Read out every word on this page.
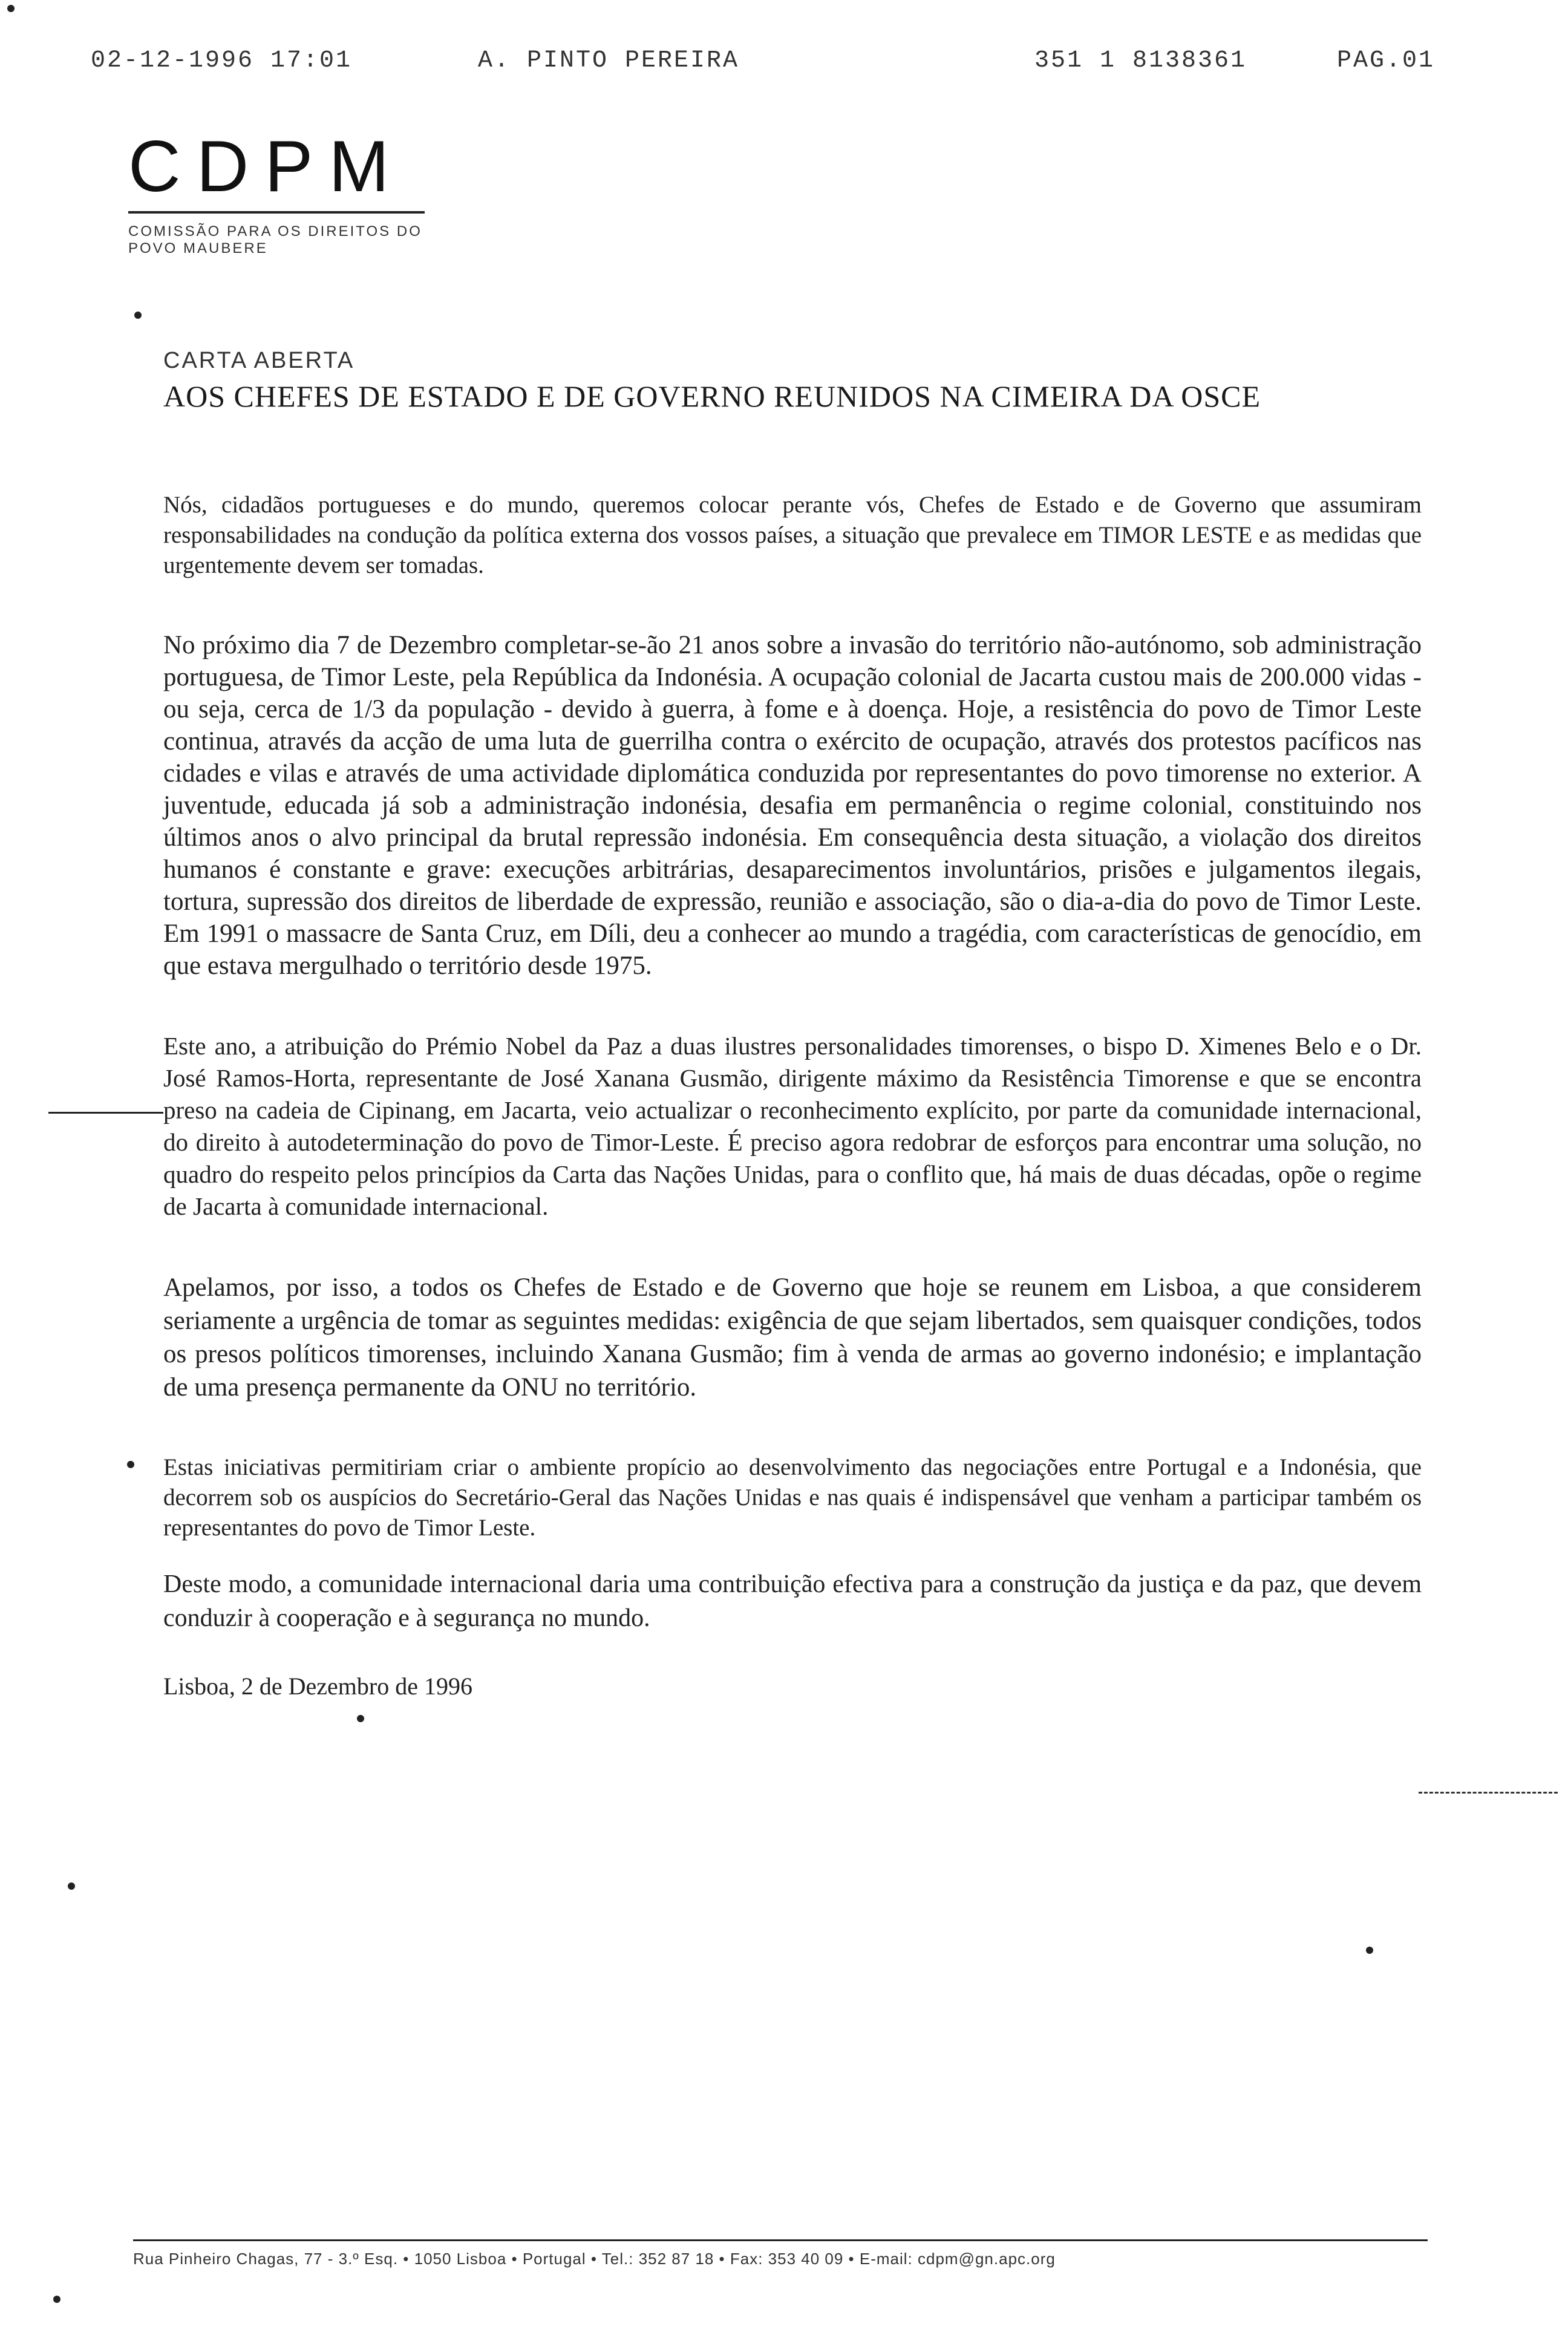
02-12-1996 17:01	A. PINTO PEREIRA	351 1 8138361	PAG.01
CDPM
COMISSÃO PARA OS DIREITOS DO POVO MAUBERE
CARTA ABERTA
AOS CHEFES DE ESTADO E DE GOVERNO REUNIDOS NA CIMEIRA DA OSCE

Nós, cidadãos portugueses e do mundo, queremos colocar perante vós, Chefes de Estado e de Governo que assumiram responsabilidades na condução da política externa dos vossos países, a situação que prevalece em TIMOR LESTE e as medidas que urgentemente devem ser tomadas.

No próximo dia 7 de Dezembro completar-se-ão 21 anos sobre a invasão do território não-autónomo, sob administração portuguesa, de Timor Leste, pela República da Indonésia. A ocupação colonial de Jacarta custou mais de 200.000 vidas - ou seja, cerca de 1/3 da população - devido à guerra, à fome e à doença. Hoje, a resistência do povo de Timor Leste continua, através da acção de uma luta de guerrilha contra o exército de ocupação, através dos protestos pacíficos nas cidades e vilas e através de uma actividade diplomática conduzida por representantes do povo timorense no exterior. A juventude, educada já sob a administração indonésia, desafia em permanência o regime colonial, constituindo nos últimos anos o alvo principal da brutal repressão indonésia. Em consequência desta situação, a violação dos direitos humanos é constante e grave: execuções arbitrárias, desaparecimentos involuntários, prisões e julgamentos ilegais, tortura, supressão dos direitos de liberdade de expressão, reunião e associação, são o dia-a-dia do povo de Timor Leste. Em 1991 o massacre de Santa Cruz, em Díli, deu a conhecer ao mundo a tragédia, com características de genocídio, em que estava mergulhado o território desde 1975.

Este ano, a atribuição do Prémio Nobel da Paz a duas ilustres personalidades timorenses, o bispo D. Ximenes Belo e o Dr. José Ramos-Horta, representante de José Xanana Gusmão, dirigente máximo da Resistência Timorense e que se encontra preso na cadeia de Cipinang, em Jacarta, veio actualizar o reconhecimento explícito, por parte da comunidade internacional, do direito à autodeterminação do povo de Timor-Leste. É preciso agora redobrar de esforços para encontrar uma solução, no quadro do respeito pelos princípios da Carta das Nações Unidas, para o conflito que, há mais de duas décadas, opõe o regime de Jacarta à comunidade internacional.

Apelamos, por isso, a todos os Chefes de Estado e de Governo que hoje se reunem em Lisboa, a que considerem seriamente a urgência de tomar as seguintes medidas: exigência de que sejam libertados, sem quaisquer condições, todos os presos políticos timorenses, incluindo Xanana Gusmão; fim à venda de armas ao governo indonésio; e implantação de uma presença permanente da ONU no território.

Estas iniciativas permitiriam criar o ambiente propício ao desenvolvimento das negociações entre Portugal e a Indonésia, que decorrem sob os auspícios do Secretário-Geral das Nações Unidas e nas quais é indispensável que venham a participar também os representantes do povo de Timor Leste.

Deste modo, a comunidade internacional daria uma contribuição efectiva para a construção da justiça e da paz, que devem conduzir à cooperação e à segurança no mundo.

Lisboa, 2 de Dezembro de 1996

Rua Pinheiro Chagas, 77 - 3.º Esq. • 1050 Lisboa • Portugal • Tel.: 352 87 18 • Fax: 353 40 09 • E-mail: cdpm@gn.apc.org
